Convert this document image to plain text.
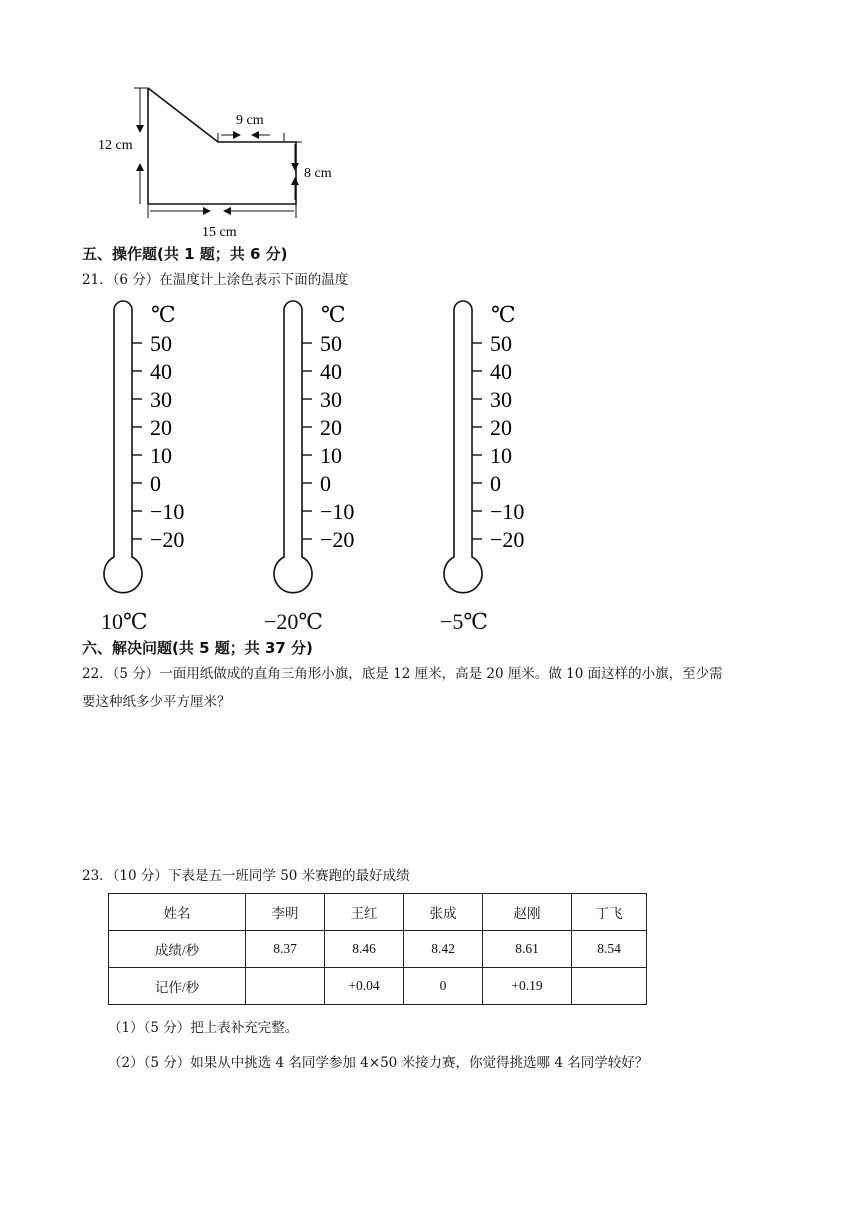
12 cm
9 cm
8 cm
15 cm
五、操作题(共 1 题；共 6 分)
21．（6 分）在温度计上涂色表示下面的温度
℃
50
40
30
20
10
0
−10
−20
℃
50
40
30
20
10
0
−10
−20
℃
50
40
30
20
10
0
−10
−20
10℃	−20℃	−5℃
六、解决问题(共 5 题；共 37 分)
22．（5 分）一面用纸做成的直角三角形小旗，底是 12 厘米，高是 20 厘米。做 10 面这样的小旗，至少需
要这种纸多少平方厘米？
23．（10 分）下表是五一班同学 50 米赛跑的最好成绩
姓名	李明	王红	张成	赵刚	丁飞
成绩/秒	8.37	8.46	8.42	8.61	8.54
记作/秒		+0.04	0	+0.19	
（1）（5 分）把上表补充完整。
（2）（5 分）如果从中挑选 4 名同学参加 4×50 米接力赛，你觉得挑选哪 4 名同学较好？
